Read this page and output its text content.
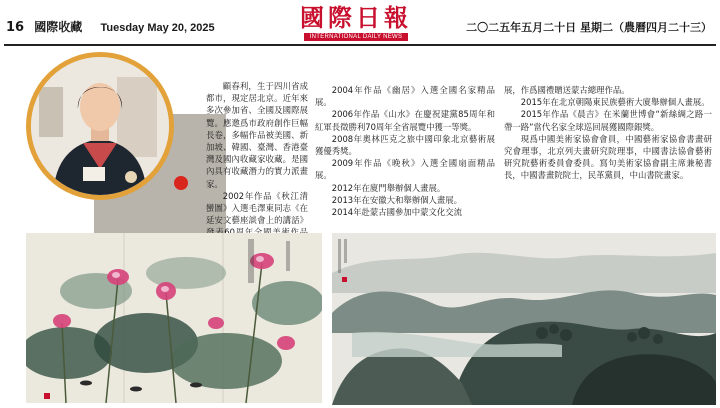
16 國際收藏 Tuesday May 20, 2025	國際日報
INTERNATIONAL DAILY NEWS
二〇二五年五月二十日 星期二（農曆四月二十三）

顧春利，生于四川省成都市，現定居北京。近年來多次參加省、全國及國際展覽。應邀爲市政府創作巨幅長卷，多幅作品被美國、新加坡、韓國、臺灣、香港臺灣及國內收藏家收藏。是國內具有收藏潛力的實力派畫家。

2002年作品《秋江清蠻圖》入選毛澤東同志《在延安文藝座談會上的講話》

2004年作品《幽居》入選全國名家精品展。

2006年作品《山水》在慶祝建黨85周年和紅軍長徵勝利70周年全省展覽中獲一等獎。

2008年奧林匹克之旅中國印象北京藝術展獲優秀獎。

2009年作品《晚秋》入選全國扇面精品展。

2012年在廈門舉辦個人畫展。

2013年在安徽大和舉辦個人畫展。

2014年赴蒙古國參加中蒙文化交流

展，作爲國禮贈送蒙古總理作品。

2015年在北京朝陽東民族藝術大廈舉辦個人畫展。

2015年作品《晨吉》在米蘭世博會“新絲綢之路一帶一路”當代名家全球巡回展獲國際銀獎。

現爲中國美術家協會會員，中國藝術家協會書畫研究會理事，北京列夫畫研究院理事，中國書法協會藝術研究院藝術委員會委員。寫句美術家協會副主席兼秘書長，中國書畫院院士，民革黨員，中山書院畫家。
